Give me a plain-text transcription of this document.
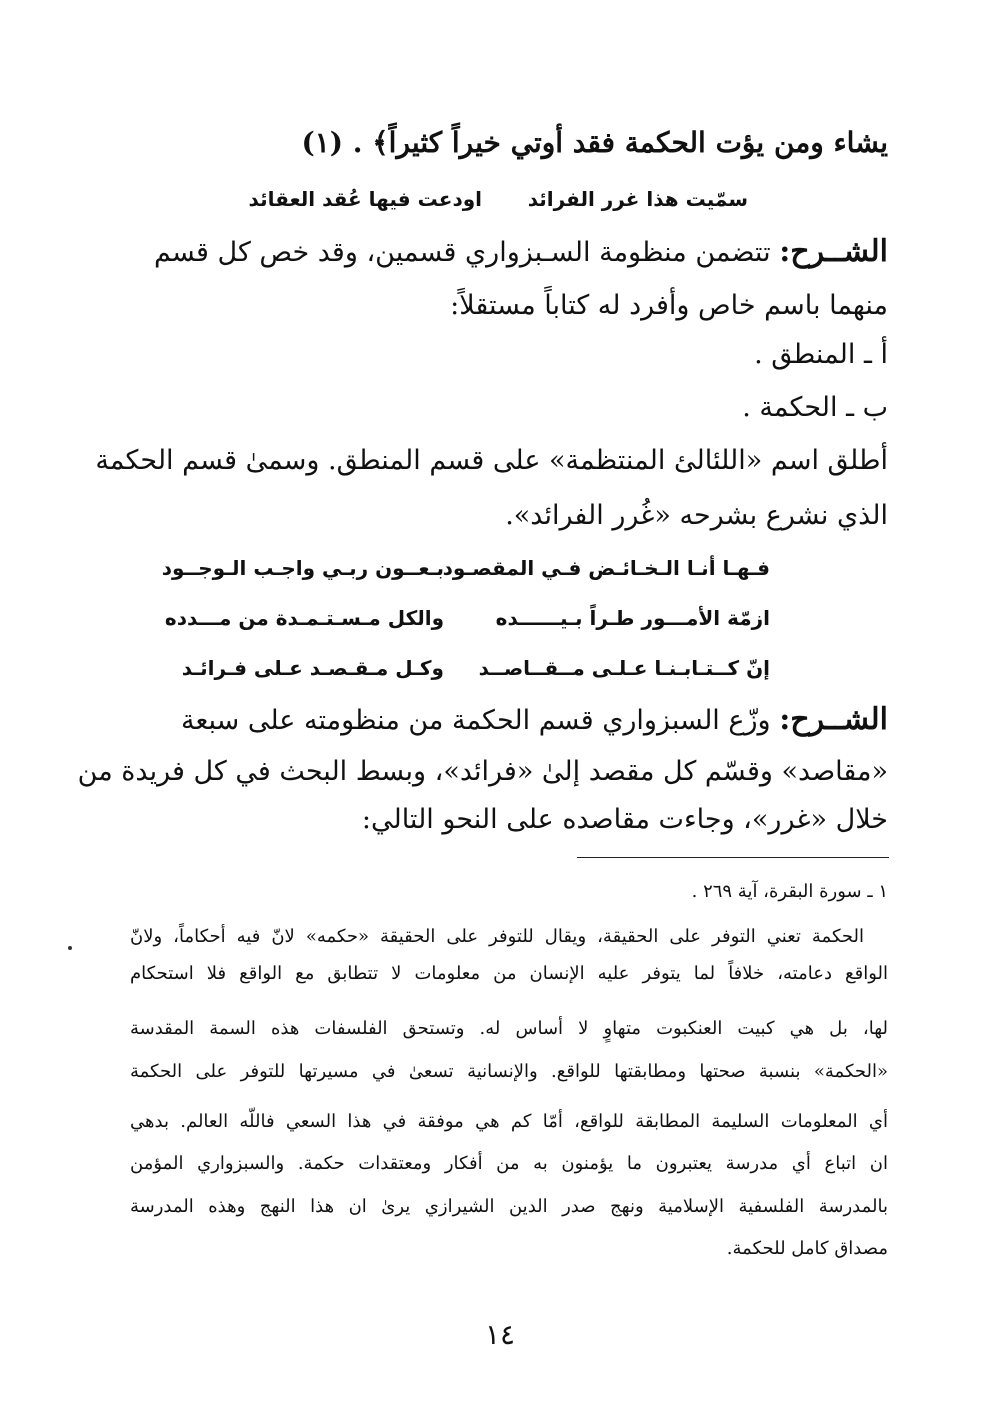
يشاء ومن يؤت الحكمة فقد أوتي خيراً كثيراً﴾ . (١)
سمّيت هذا غرر الفرائد
اودعت فيها عُقد العقائد
الشــرح: تتضمن منظومة السـبزواري قسمين، وقد خص كل قسم
منهما باسم خاص وأفرد له كتاباً مستقلاً:
أ ـ المنطق .
ب ـ الحكمة .
أطلق اسم «اللئالئ المنتظمة» على قسم المنطق. وسمىٰ قسم الحكمة
الذي نشرع بشرحه «غُرر الفرائد».
فـهـا أنـا الـخـائـض فـي المقصـود
بـعــون ربـي واجـب الـوجــود
ازمّة الأمـــور طـراً بـيــــــده
والكل مـسـتـمـدة من مـــدده
إنّ كــتـابـنـا عـلـى مــقــاصــد
وكـل مـقـصـد عـلى فـرائـد
الشــرح: وزّع السبزواري قسم الحكمة من منظومته على سبعة
«مقاصد» وقسّم كل مقصد إلىٰ «فرائد»، وبسط البحث في كل فريدة من
خلال «غرر»، وجاءت مقاصده على النحو التالي:
١ ـ سورة البقرة، آية ٢٦٩ .
الحكمة تعني التوفر على الحقيقة، ويقال للتوفر على الحقيقة «حكمه» لانّ فيه أحكاماً، ولانّ
الواقع دعامته، خلافاً لما يتوفر عليه الإنسان من معلومات لا تتطابق مع الواقع فلا استحكام
لها، بل هي كبيت العنكبوت متهاوٍ لا أساس له. وتستحق الفلسفات هذه السمة المقدسة
«الحكمة» بنسبة صحتها ومطابقتها للواقع. والإنسانية تسعىٰ في مسيرتها للتوفر على الحكمة
أي المعلومات السليمة المطابقة للواقع، أمّا كم هي موفقة في هذا السعي فاللّه العالم. بدهي
ان اتباع أي مدرسة يعتبرون ما يؤمنون به من أفكار ومعتقدات حكمة. والسبزواري المؤمن
بالمدرسة الفلسفية الإسلامية ونهج صدر الدين الشيرازي يرىٰ ان هذا النهج وهذه المدرسة
مصداق كامل للحكمة.
١٤
